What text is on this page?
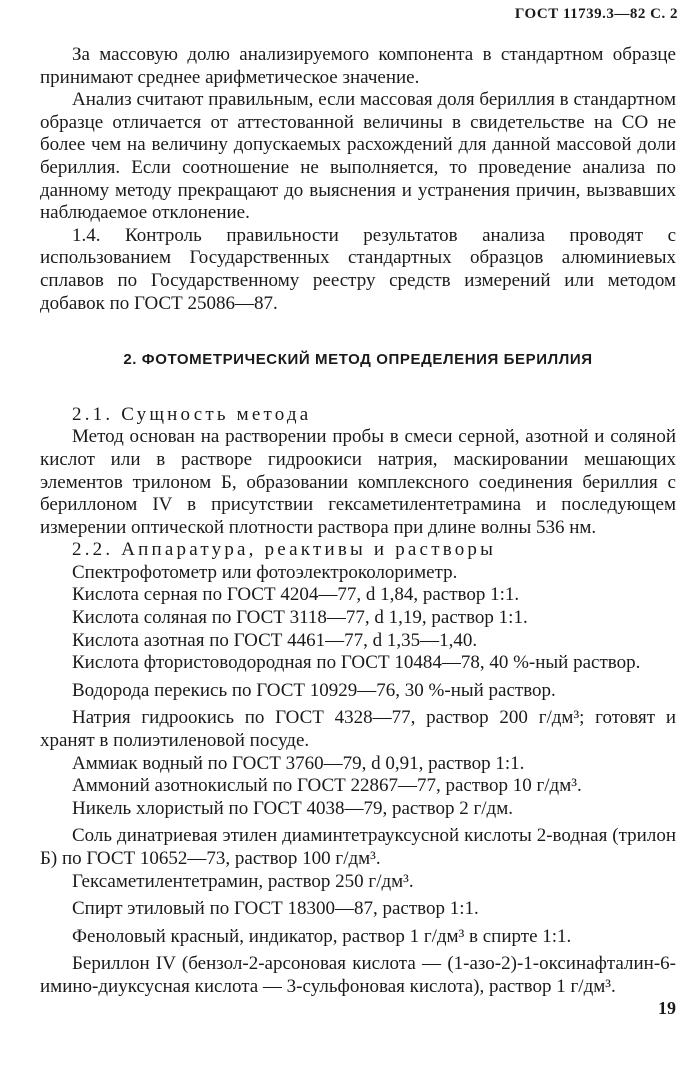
ГОСТ 11739.3—82 С. 2

За массовую долю анализируемого компонента в стандартном образце принимают среднее арифметическое значение.

Анализ считают правильным, если массовая доля бериллия в стандартном образце отличается от аттестованной величины в свидетельстве на СО не более чем на величину допускаемых расхождений для данной массовой доли бериллия. Если соотношение не выполняется, то проведение анализа по данному методу прекращают до выяснения и устранения причин, вызвавших наблюдаемое отклонение.

1.4. Контроль правильности результатов анализа проводят с использованием Государственных стандартных образцов алюминиевых сплавов по Государственному реестру средств измерений или методом добавок по ГОСТ 25086—87.

2. ФОТОМЕТРИЧЕСКИЙ МЕТОД ОПРЕДЕЛЕНИЯ БЕРИЛЛИЯ

2.1. Сущность метода

Метод основан на растворении пробы в смеси серной, азотной и соляной кислот или в растворе гидроокиси натрия, маскировании мешающих элементов трилоном Б, образовании комплексного соединения бериллия с бериллоном IV в присутствии гексаметилентетрамина и последующем измерении оптической плотности раствора при длине волны 536 нм.

2.2. Аппаратура, реактивы и растворы

Спектрофотометр или фотоэлектроколориметр.

Кислота серная по ГОСТ 4204—77, d 1,84, раствор 1:1.

Кислота соляная по ГОСТ 3118—77, d 1,19, раствор 1:1.

Кислота азотная по ГОСТ 4461—77, d 1,35—1,40.

Кислота фтористоводородная по ГОСТ 10484—78, 40 %-ный раствор.

Водорода перекись по ГОСТ 10929—76, 30 %-ный раствор.

Натрия гидроокись по ГОСТ 4328—77, раствор 200 г/дм³; готовят и хранят в полиэтиленовой посуде.

Аммиак водный по ГОСТ 3760—79, d 0,91, раствор 1:1.

Аммоний азотнокислый по ГОСТ 22867—77, раствор 10 г/дм³.

Никель хлористый по ГОСТ 4038—79, раствор 2 г/дм.

Соль динатриевая этилен диаминтетрауксусной кислоты 2-водная (трилон Б) по ГОСТ 10652—73, раствор 100 г/дм³.

Гексаметилентетрамин, раствор 250 г/дм³.

Спирт этиловый по ГОСТ 18300—87, раствор 1:1.

Феноловый красный, индикатор, раствор 1 г/дм³ в спирте 1:1.

Бериллон IV (бензол-2-арсоновая кислота — (1-азо-2)-1-оксинафталин-6-имино-диуксусная кислота — 3-сульфоновая кислота), раствор 1 г/дм³.

19
